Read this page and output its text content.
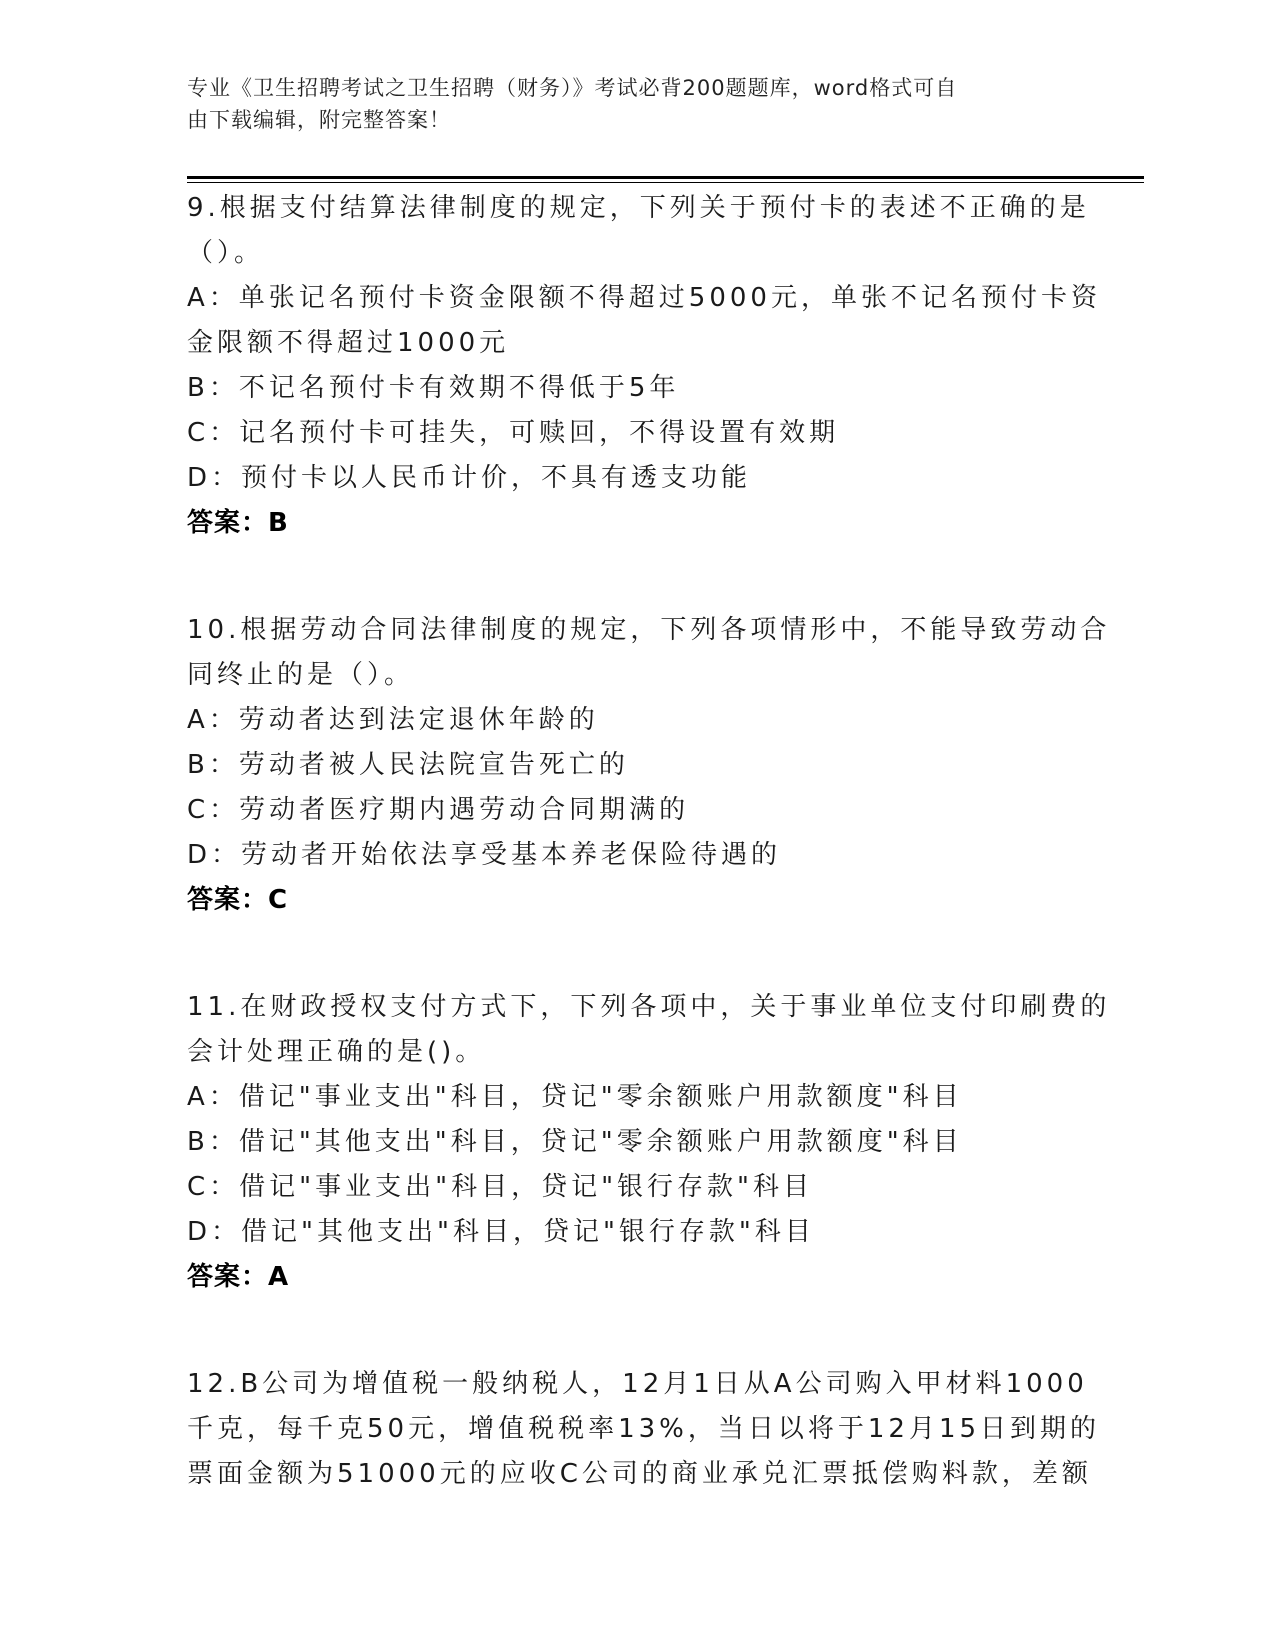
专业《卫生招聘考试之卫生招聘（财务）》考试必背200题题库，word格式可自
由下载编辑，附完整答案！
9.根据支付结算法律制度的规定，下列关于预付卡的表述不正确的是
（）。
A：单张记名预付卡资金限额不得超过5000元，单张不记名预付卡资
金限额不得超过1000元
B：不记名预付卡有效期不得低于5年
C：记名预付卡可挂失，可赎回，不得设置有效期
D：预付卡以人民币计价，不具有透支功能
答案：B
10.根据劳动合同法律制度的规定，下列各项情形中，不能导致劳动合
同终止的是（）。
A：劳动者达到法定退休年龄的
B：劳动者被人民法院宣告死亡的
C：劳动者医疗期内遇劳动合同期满的
D：劳动者开始依法享受基本养老保险待遇的
答案：C
11.在财政授权支付方式下，下列各项中，关于事业单位支付印刷费的
会计处理正确的是()。
A：借记"事业支出"科目，贷记"零余额账户用款额度"科目
B：借记"其他支出"科目，贷记"零余额账户用款额度"科目
C：借记"事业支出"科目，贷记"银行存款"科目
D：借记"其他支出"科目，贷记"银行存款"科目
答案：A
12.B公司为增值税一般纳税人，12月1日从A公司购入甲材料1000
千克，每千克50元，增值税税率13%，当日以将于12月15日到期的
票面金额为51000元的应收C公司的商业承兑汇票抵偿购料款，差额
